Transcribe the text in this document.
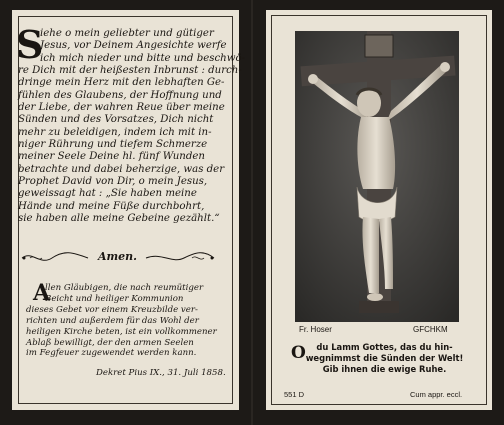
S
iehe o mein geliebter und gütiger
Jesus, vor Deinem Angesichte werfe
ich mich nieder und bitte und beschwö-
re Dich mit der heißesten Inbrunst : durch-
dringe mein Herz mit den lebhaften Ge-
fühlen des Glaubens, der Hoffnung und
der Liebe, der wahren Reue über meine
Sünden und des Vorsatzes, Dich nicht
mehr zu beleidigen, indem ich mit in-
niger Rührung und tiefem Schmerze
meiner Seele Deine hl. fünf Wunden
betrachte und dabei beherzige, was der
Prophet David von Dir, o mein Jesus,
geweissagt hat : „Sie haben meine
Hände und meine Füße durchbohrt,
sie haben alle meine Gebeine gezählt.“
Amen.
A
llen Gläubigen, die nach reumütiger
Beicht und heiliger Kommunion
dieses Gebet vor einem Kreuzbilde ver-
richten und außerdem für das Wohl der
heiligen Kirche beten, ist ein vollkommener
Ablaß bewilligt, der den armen Seelen
im Fegfeuer zugewendet werden kann.
Dekret Pius IX., 31. Juli 1858.
Fr. Hoser	GFCHKM
O	du Lamm Gottes, das du hin-
wegnimmst die Sünden der Welt!
Gib ihnen die ewige Ruhe.
551 D	Cum appr. eccl.
